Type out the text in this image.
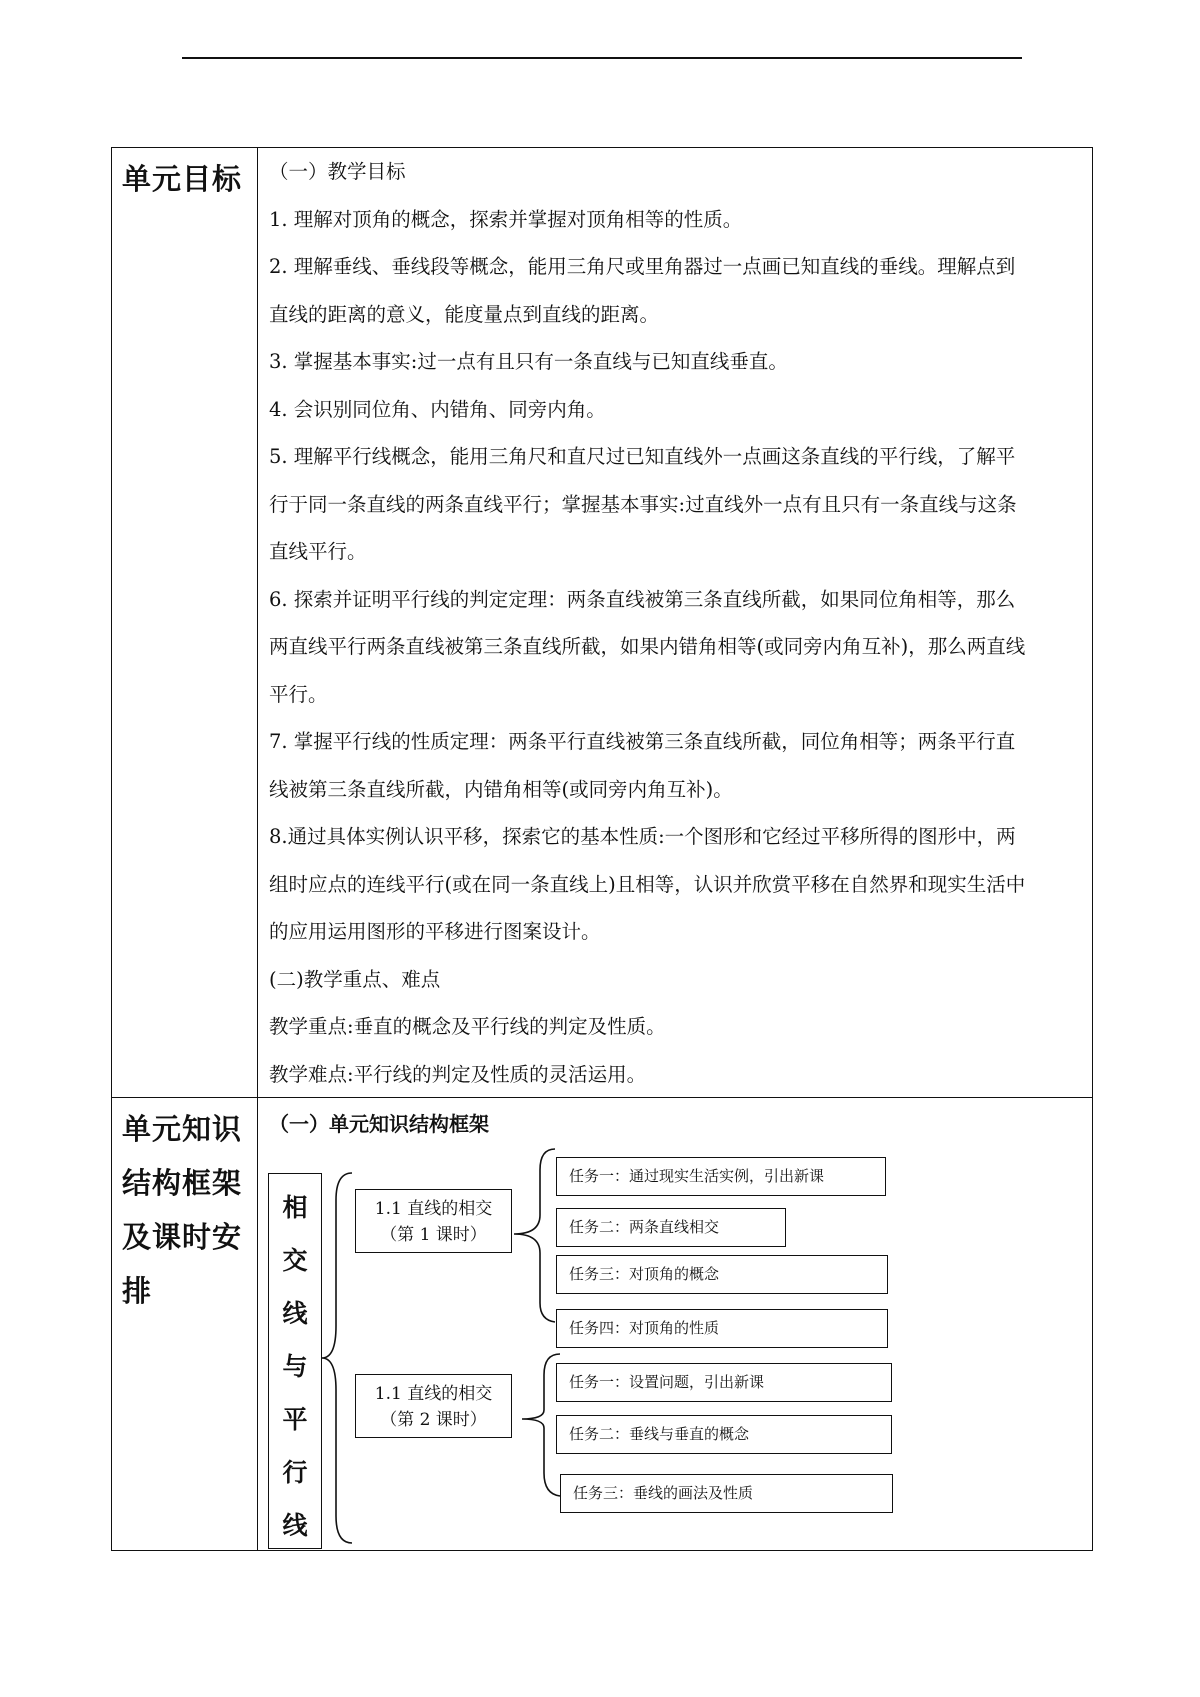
单元目标	（一）教学目标

1. 理解对顶角的概念，探索并掌握对顶角相等的性质。

2. 理解垂线、垂线段等概念，能用三角尺或里角器过一点画已知直线的垂线。理解点到

直线的距离的意义，能度量点到直线的距离。

3. 掌握基本事实:过一点有且只有一条直线与已知直线垂直。

4. 会识别同位角、内错角、同旁内角。

5. 理解平行线概念，能用三角尺和直尺过已知直线外一点画这条直线的平行线，了解平

行于同一条直线的两条直线平行；掌握基本事实:过直线外一点有且只有一条直线与这条

直线平行。

6. 探索并证明平行线的判定定理：两条直线被第三条直线所截，如果同位角相等，那么

两直线平行两条直线被第三条直线所截，如果内错角相等(或同旁内角互补)，那么两直线

平行。

7. 掌握平行线的性质定理：两条平行直线被第三条直线所截，同位角相等；两条平行直

线被第三条直线所截，内错角相等(或同旁内角互补)。

8.通过具体实例认识平移，探索它的基本性质:一个图形和它经过平移所得的图形中，两

组时应点的连线平行(或在同一条直线上)且相等，认识并欣赏平移在自然界和现实生活中

的应用运用图形的平移进行图案设计。

(二)教学重点、难点

教学重点:垂直的概念及平行线的判定及性质。

教学难点:平行线的判定及性质的灵活运用。

单元知识
结构框架
及课时安
排
（一）单元知识结构框架
相
交
线
与
平
行
线
1.1 直线的相交
（第 1 课时）
1.1 直线的相交
（第 2 课时）
任务一：通过现实生活实例，引出新课
任务二：两条直线相交
任务三：对顶角的概念
任务四：对顶角的性质
任务一：设置问题，引出新课
任务二：垂线与垂直的概念
任务三：垂线的画法及性质
